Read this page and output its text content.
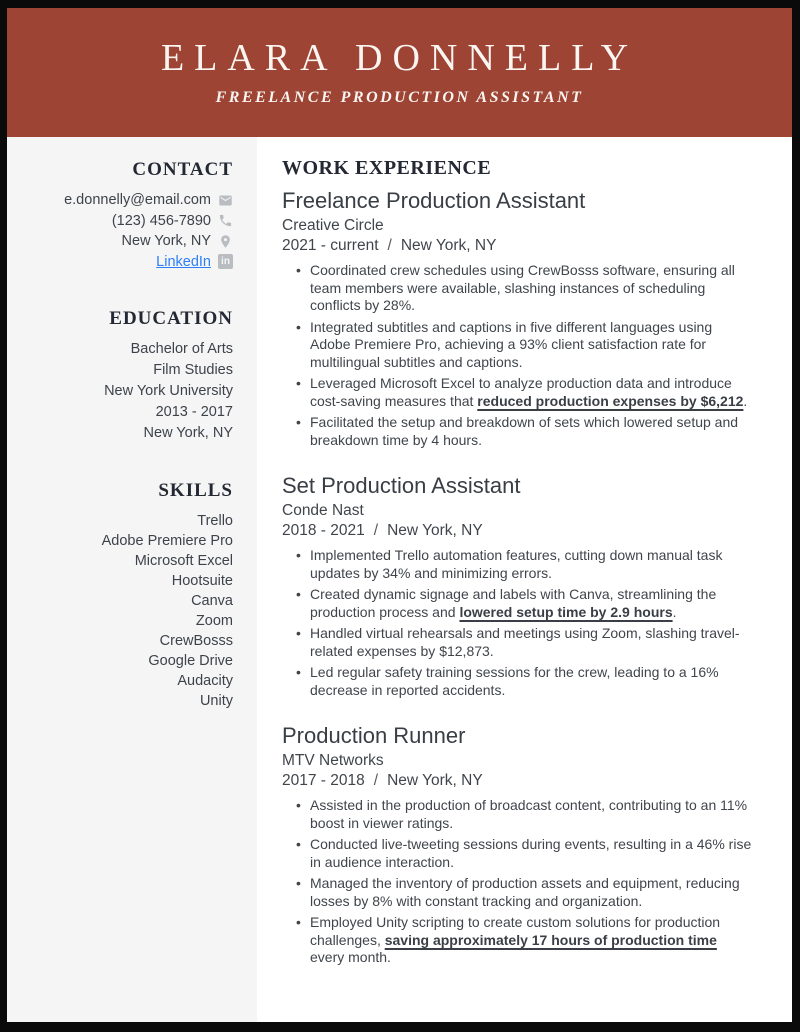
ELARA DONNELLY
FREELANCE PRODUCTION ASSISTANT
CONTACT
e.donnelly@email.com
(123) 456-7890
New York, NY
LinkedIn	in
EDUCATION
Bachelor of Arts
Film Studies
New York University
2013 - 2017
New York, NY
SKILLS
Trello
Adobe Premiere Pro
Microsoft Excel
Hootsuite
Canva
Zoom
CrewBosss
Google Drive
Audacity
Unity
WORK EXPERIENCE
Freelance Production Assistant
Creative Circle
2021 - current / New York, NY
• Coordinated crew schedules using CrewBosss software, ensuring all team members were available, slashing instances of scheduling conflicts by 28%.
• Integrated subtitles and captions in five different languages using Adobe Premiere Pro, achieving a 93% client satisfaction rate for multilingual subtitles and captions.
• Leveraged Microsoft Excel to analyze production data and introduce cost-saving measures that reduced production expenses by $6,212.
• Facilitated the setup and breakdown of sets which lowered setup and breakdown time by 4 hours.
Set Production Assistant
Conde Nast
2018 - 2021 / New York, NY
• Implemented Trello automation features, cutting down manual task updates by 34% and minimizing errors.
• Created dynamic signage and labels with Canva, streamlining the production process and lowered setup time by 2.9 hours.
• Handled virtual rehearsals and meetings using Zoom, slashing travel-related expenses by $12,873.
• Led regular safety training sessions for the crew, leading to a 16% decrease in reported accidents.
Production Runner
MTV Networks
2017 - 2018 / New York, NY
• Assisted in the production of broadcast content, contributing to an 11% boost in viewer ratings.
• Conducted live-tweeting sessions during events, resulting in a 46% rise in audience interaction.
• Managed the inventory of production assets and equipment, reducing losses by 8% with constant tracking and organization.
• Employed Unity scripting to create custom solutions for production challenges, saving approximately 17 hours of production time every month.
